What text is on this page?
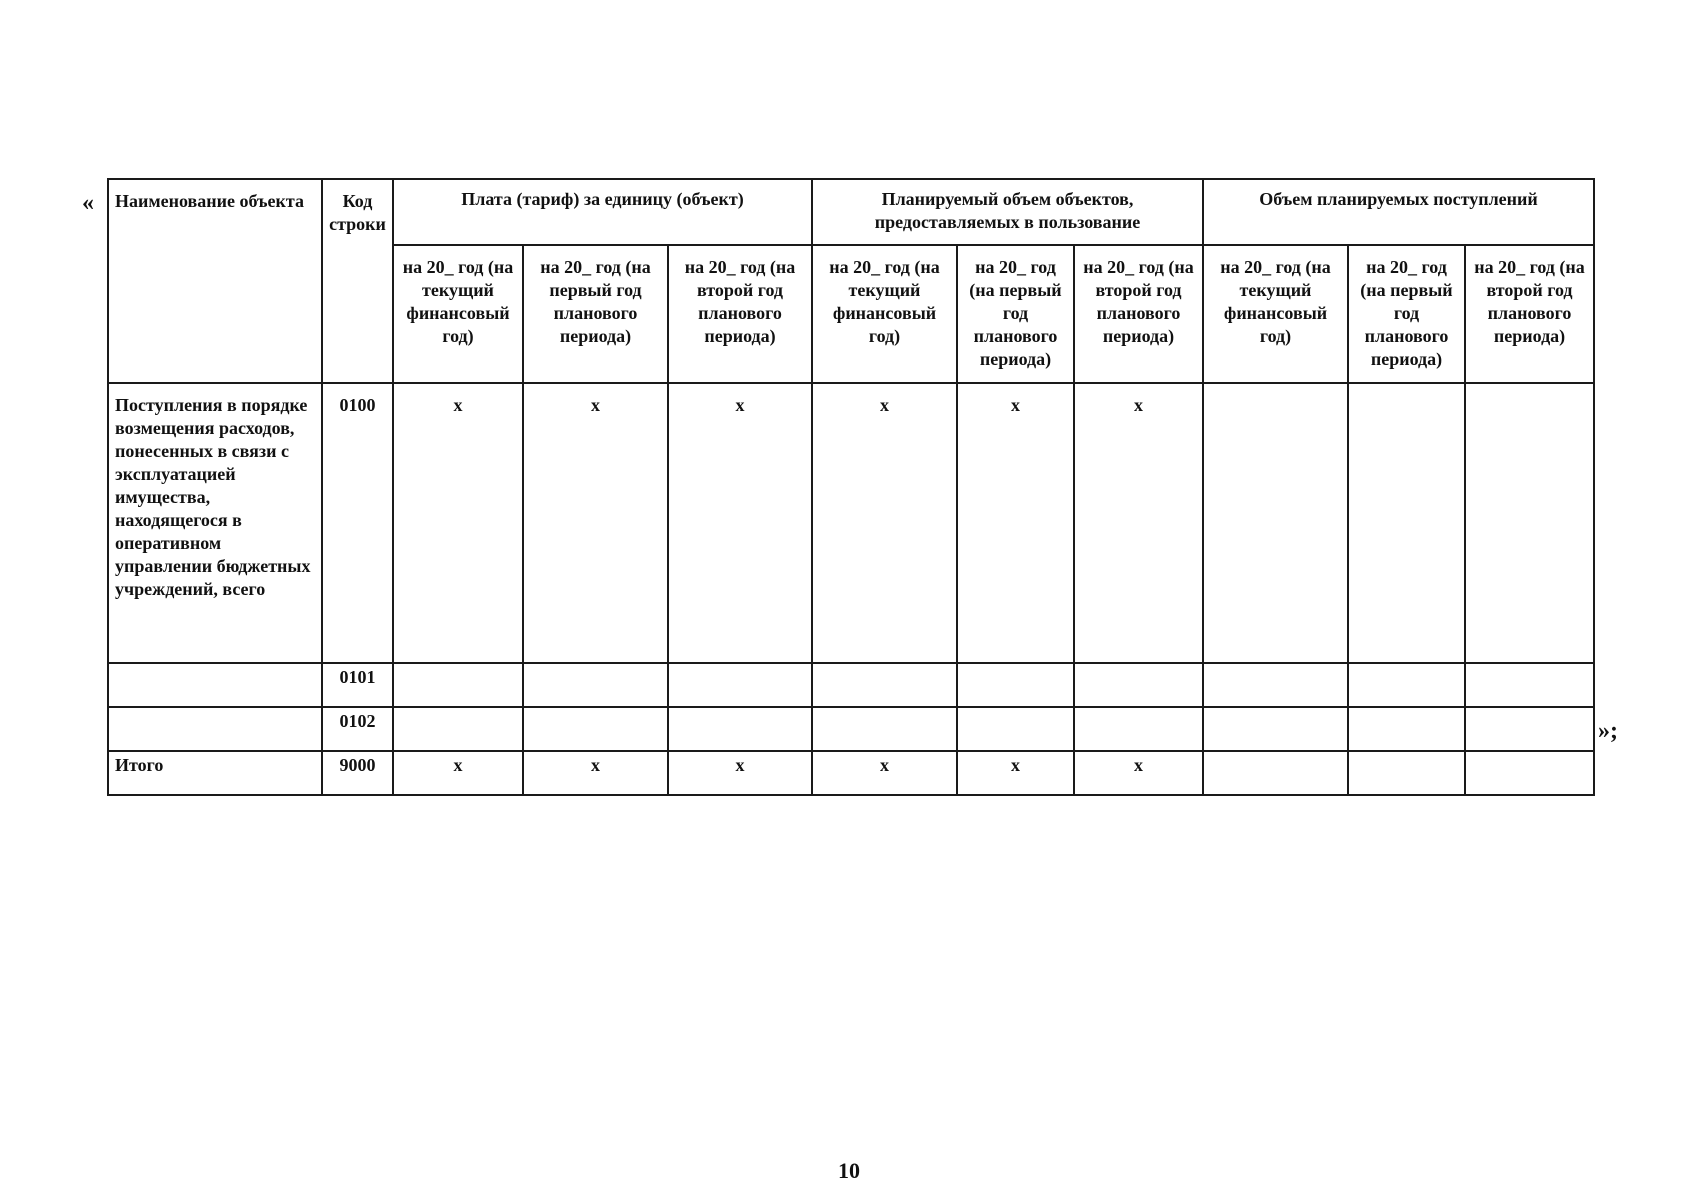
« Наименование объекта	Код строки	Плата (тариф) за единицу (объект)			Планируемый объем объектов, предоставляемых в пользование			Объем планируемых поступлений		
		на 20_ год (на текущий финансовый год)	на 20_ год (на первый год планового периода)	на 20_ год (на второй год планового периода)	на 20_ год (на текущий финансовый год)	на 20_ год (на первый год планового периода)	на 20_ год (на второй год планового периода)	на 20_ год (на текущий финансовый год)	на 20_ год (на первый год планового периода)	на 20_ год (на второй год планового периода)
Поступления в порядке возмещения расходов, понесенных в связи с эксплуатацией имущества, находящегося в оперативном управлении бюджетных учреждений, всего	0100	x	x	x	x	x	x			
	0101									
	0102									
Итого	9000	x	x	x	x	x	x			
»;
10
